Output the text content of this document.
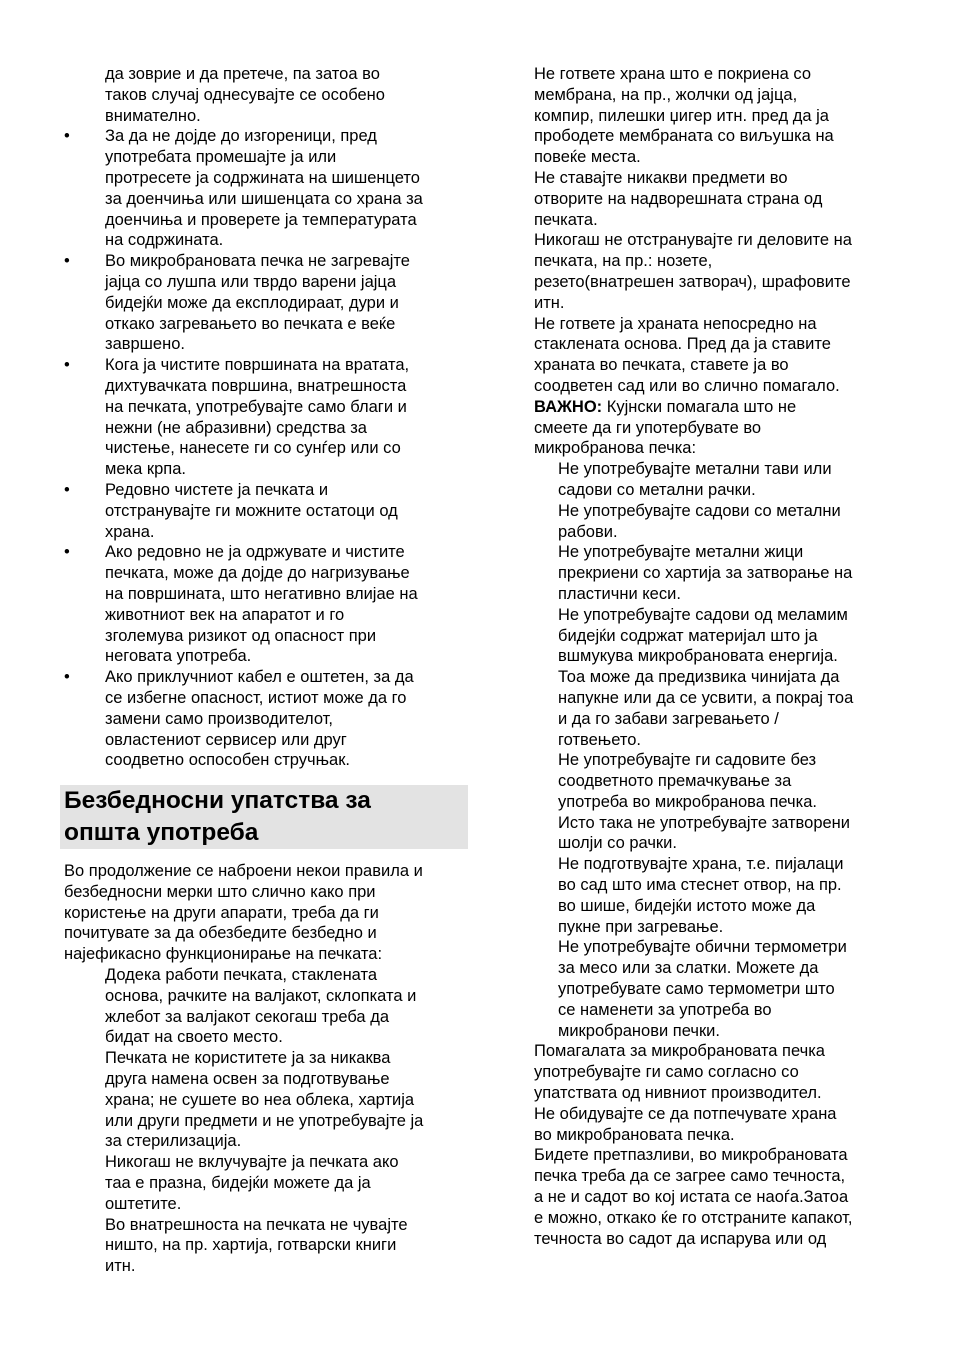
да зоврие и да претече, па затоа во
таков случај однесувајте се особено
внимателно.
• За да не дојде до изгореници, пред
употребата промешајте ја или
протресете ја содржината на шишенцето
за доенчиња или шишенцата со храна за
доенчиња и проверете ја температурата
на содржината.
• Во микробрановата печка не загревајте
јајца со лушпа или тврдо варени јајца
бидејќи може да експлодираат, дури и
откако загревањето во печката е веќе
завршено.
• Кога ја чистите површината на вратата,
дихтувачката површина, внатрешноста
на печката, употребувајте само благи и
нежни (не абразивни) средства за
чистење, нанесете ги со сунѓер или со
мека крпа.
• Редовно чистете ја печката и
отстранувајте ги можните остатоци од
храна.
• Ако редовно не ја одржувате и чистите
печката, може да дојде до нагризување
на површината, што негативно влијае на
животниот век на апаратот и го
зголемува ризикот од опасност при
неговата употреба.
• Ако приклучниот кабел е оштетен, за да
се избегне опасност, истиот може да го
замени само производителот,
овластениот сервисер или друг
соодветно оспособен стручњак.
Безбедносни упатства за
општа употреба
Во продолжение се наброени некои правила и
безбедносни мерки што слично како при
користење на други апарати, треба да ги
почитувате за да обезбедите безбедно и
најефикасно функционирање на печката:
Додека работи печката, стаклената
основа, рачките на валјакот, склопката и
жлебот за валјакот секогаш треба да
бидат на своето место.
Печката не користитете ја за никаква
друга намена освен за подготвување
храна; не сушете во неа облека, хартија
или други предмети и не употребувајте ја
за стерилизација.
Никогаш не вклучувајте ја печката ако
таа е празна, бидејќи можете да ја
оштетите.
Во внатрешноста на печката не чувајте
ништо, на пр. хартија, готварски книги
итн.
Не гответе храна што е покриена со
мембрана, на пр., жолчки од јајца,
компир, пилешки џигер итн. пред да ја
прободете мембраната со виљушка на
повеќе места.
Не ставајте никакви предмети во
отворите на надворешната страна од
печката.
Никогаш не отстранувајте ги деловите на
печката, на пр.: нозете,
резето(внатрешен затворач), шрафовите
итн.
Не гответе ја храната непосредно на
стаклената основа. Пред да ја ставите
храната во печката, ставете ја во
соодветен сад или во слично помагало.
ВАЖНО: Кујнски помагала што не
смеете да ги употербувате во
микробранова печка:
Не употребувајте метални тави или
садови со метални рачки.
Не употребувајте садови со метални
рабови.
Не употребувајте метални жици
прекриени со хартија за затворање на
пластични кеси.
Не употребувајте садови од меламим
бидејќи содржат материјал што ја
вшмукува микробрановата енергија.
Тоа може да предизвика чинијата да
напукне или да се усвити, а покрај тоа
и да го забави загревањето /
готвењето.
Не употребувајте ги садовите без
соодветното премачкување за
употреба во микробранова печка.
Исто така не употребувајте затворени
шолји со рачки.
Не подготвувајте храна, т.е. пијалаци
во сад што има стеснет отвор, на пр.
во шише, бидејќи истото може да
пукне при загревање.
Не употребувајте обични термометри
за месо или за слатки. Можете да
употребувате само термометри што
се наменети за употреба во
микробранови печки.
Помагалата за микробрановата печка
употребувајте ги само согласно со
упатствата од нивниот производител.
Не обидувајте се да потпечувате храна
во микробрановата печка.
Бидете претпазливи, во микробрановата
печка треба да се загрее само течноста,
а не и садот во кој истата се наоѓа.Затоа
е можно, откако ќе го отстраните капакот,
течноста во садот да испарува или од
